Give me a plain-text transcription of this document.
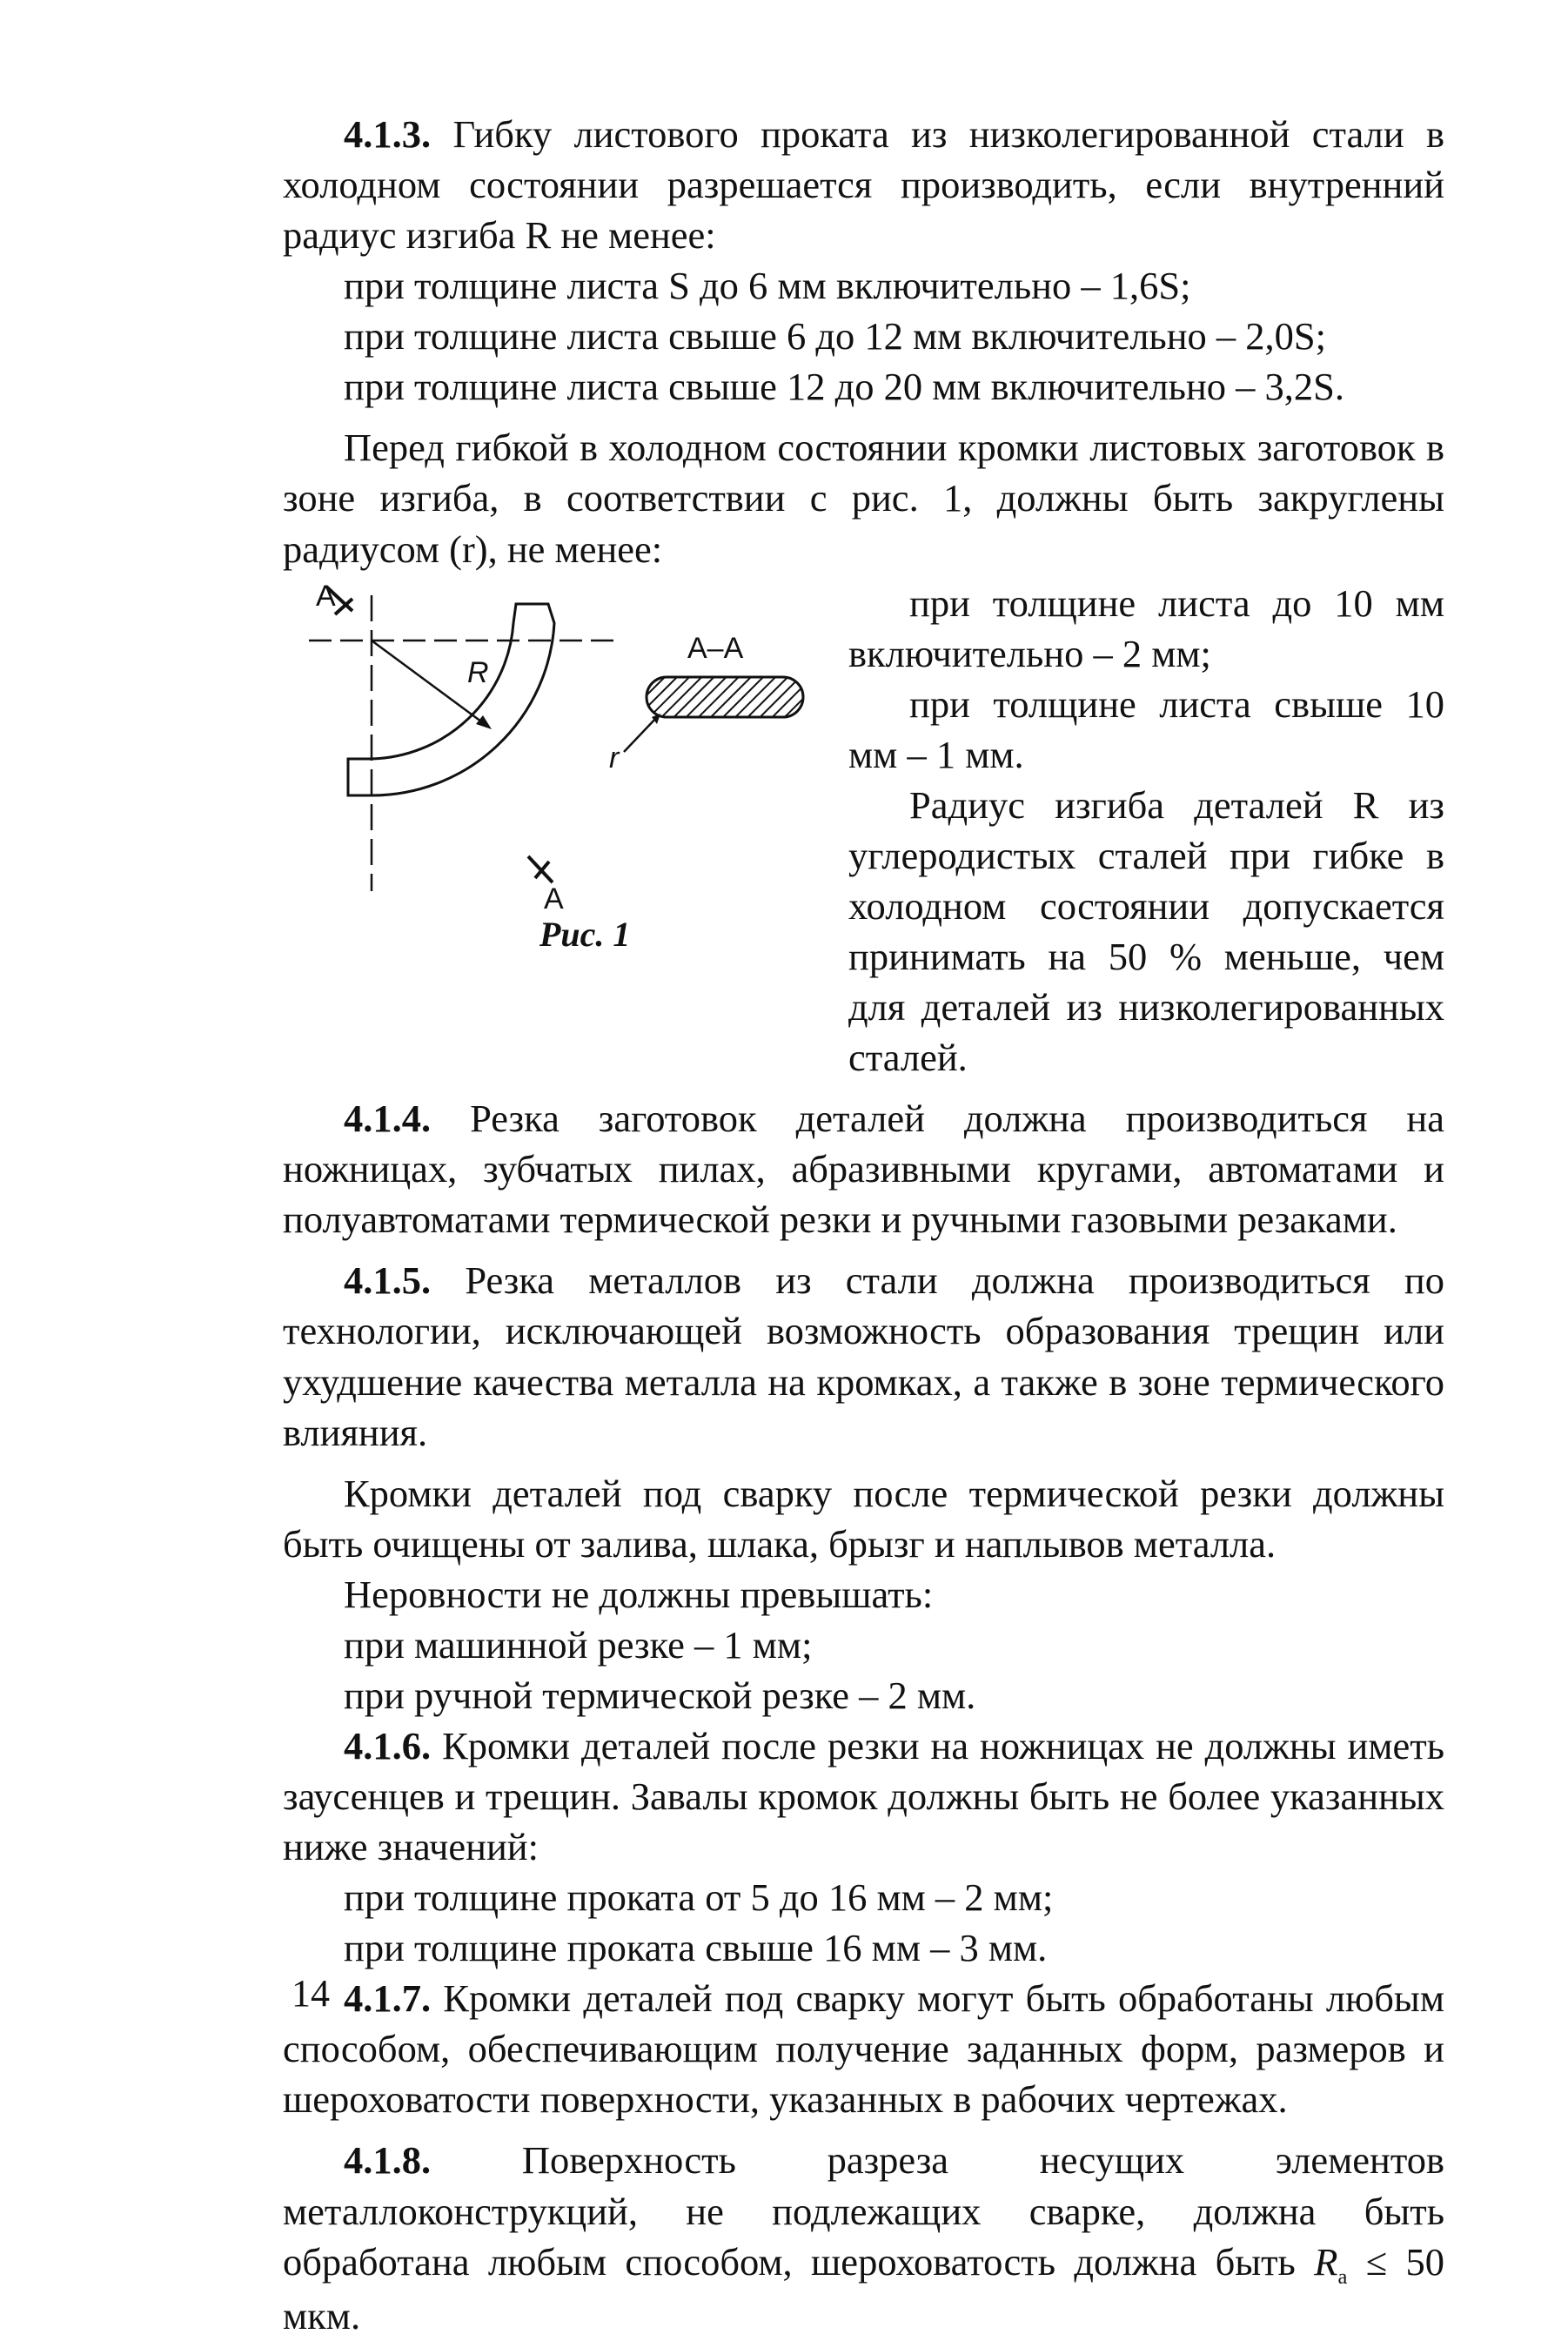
4.1.3. Гибку листового проката из низколегированной стали в холодном состоянии разрешается производить, если внутренний радиус изгиба R не менее:

при толщине листа S до 6 мм включительно – 1,6S;

при толщине листа свыше 6 до 12 мм включительно – 2,0S;

при толщине листа свыше 12 до 20 мм включительно – 3,2S.

Перед гибкой в холодном состоянии кромки листовых заготовок в зоне изгиба, в соответствии с рис. 1, должны быть закруглены радиусом (r), не менее:

A
A
R
A–A
r
Рис. 1

при толщине листа до 10 мм включительно – 2 мм;

при толщине листа свыше 10 мм – 1 мм.

Радиус изгиба деталей R из углеродистых сталей при гибке в холодном состоянии допускается принимать на 50 % меньше, чем для деталей из низколегированных сталей.

4.1.4. Резка заготовок деталей должна производиться на ножницах, зубчатых пилах, абразивными кругами, автоматами и полуавтоматами термической резки и ручными газовыми резаками.

4.1.5. Резка металлов из стали должна производиться по технологии, исключающей возможность образования трещин или ухудшение качества металла на кромках, а также в зоне термического влияния.

Кромки деталей под сварку после термической резки должны быть очищены от залива, шлака, брызг и наплывов металла.

Неровности не должны превышать:

при машинной резке – 1 мм;

при ручной термической резке – 2 мм.

4.1.6. Кромки деталей после резки на ножницах не должны иметь заусенцев и трещин. Завалы кромок должны быть не более указанных ниже значений:

при толщине проката от 5 до 16 мм – 2 мм;

при толщине проката свыше 16 мм – 3 мм.

4.1.7. Кромки деталей под сварку могут быть обработаны любым способом, обеспечивающим получение заданных форм, размеров и шероховатости поверхности, указанных в рабочих чертежах.

4.1.8. Поверхность разреза несущих элементов металлоконструкций, не подлежащих сварке, должна быть обработана любым способом, шероховатость должна быть $R_a \le 50$ мкм.

14
